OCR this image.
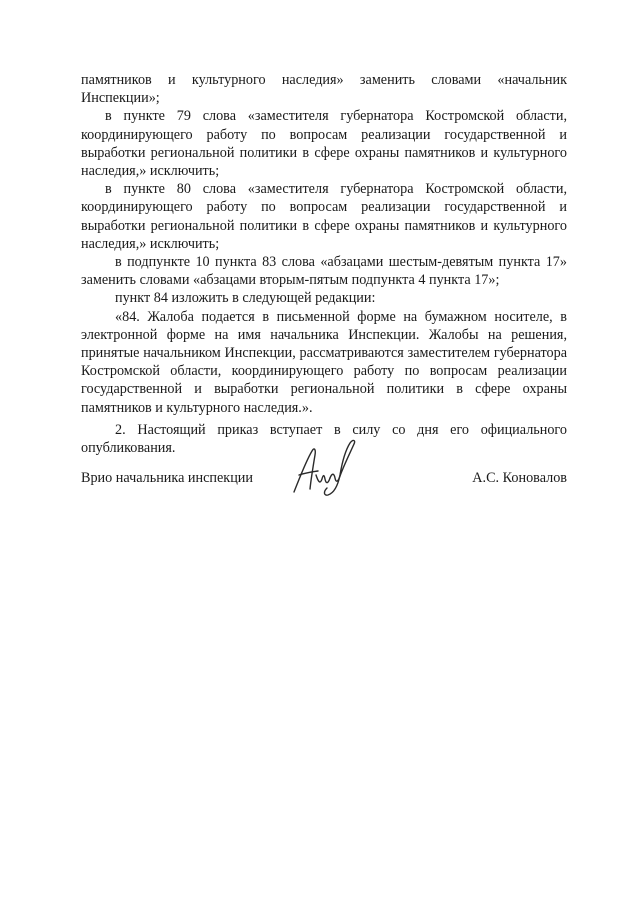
памятников и культурного наследия» заменить словами «начальник Инспекции»;

в пункте 79 слова «заместителя губернатора Костромской области, координирующего работу по вопросам реализации государственной и выработки региональной политики в сфере охраны памятников и культурного наследия,» исключить;

в пункте 80 слова «заместителя губернатора Костромской области, координирующего работу по вопросам реализации государственной и выработки региональной политики в сфере охраны памятников и культурного наследия,» исключить;

в подпункте 10 пункта 83 слова «абзацами шестым-девятым пункта 17» заменить словами «абзацами вторым-пятым подпункта 4 пункта 17»;

пункт 84 изложить в следующей редакции:

«84. Жалоба подается в письменной форме на бумажном носителе, в электронной форме на имя начальника Инспекции. Жалобы на решения, принятые начальником Инспекции, рассматриваются заместителем губернатора Костромской области, координирующего работу по вопросам реализации государственной и выработки региональной политики в сфере охраны памятников и культурного наследия.».

2. Настоящий приказ вступает в силу со дня его официального опубликования.

Врио начальника инспекции	А.С. Коновалов
